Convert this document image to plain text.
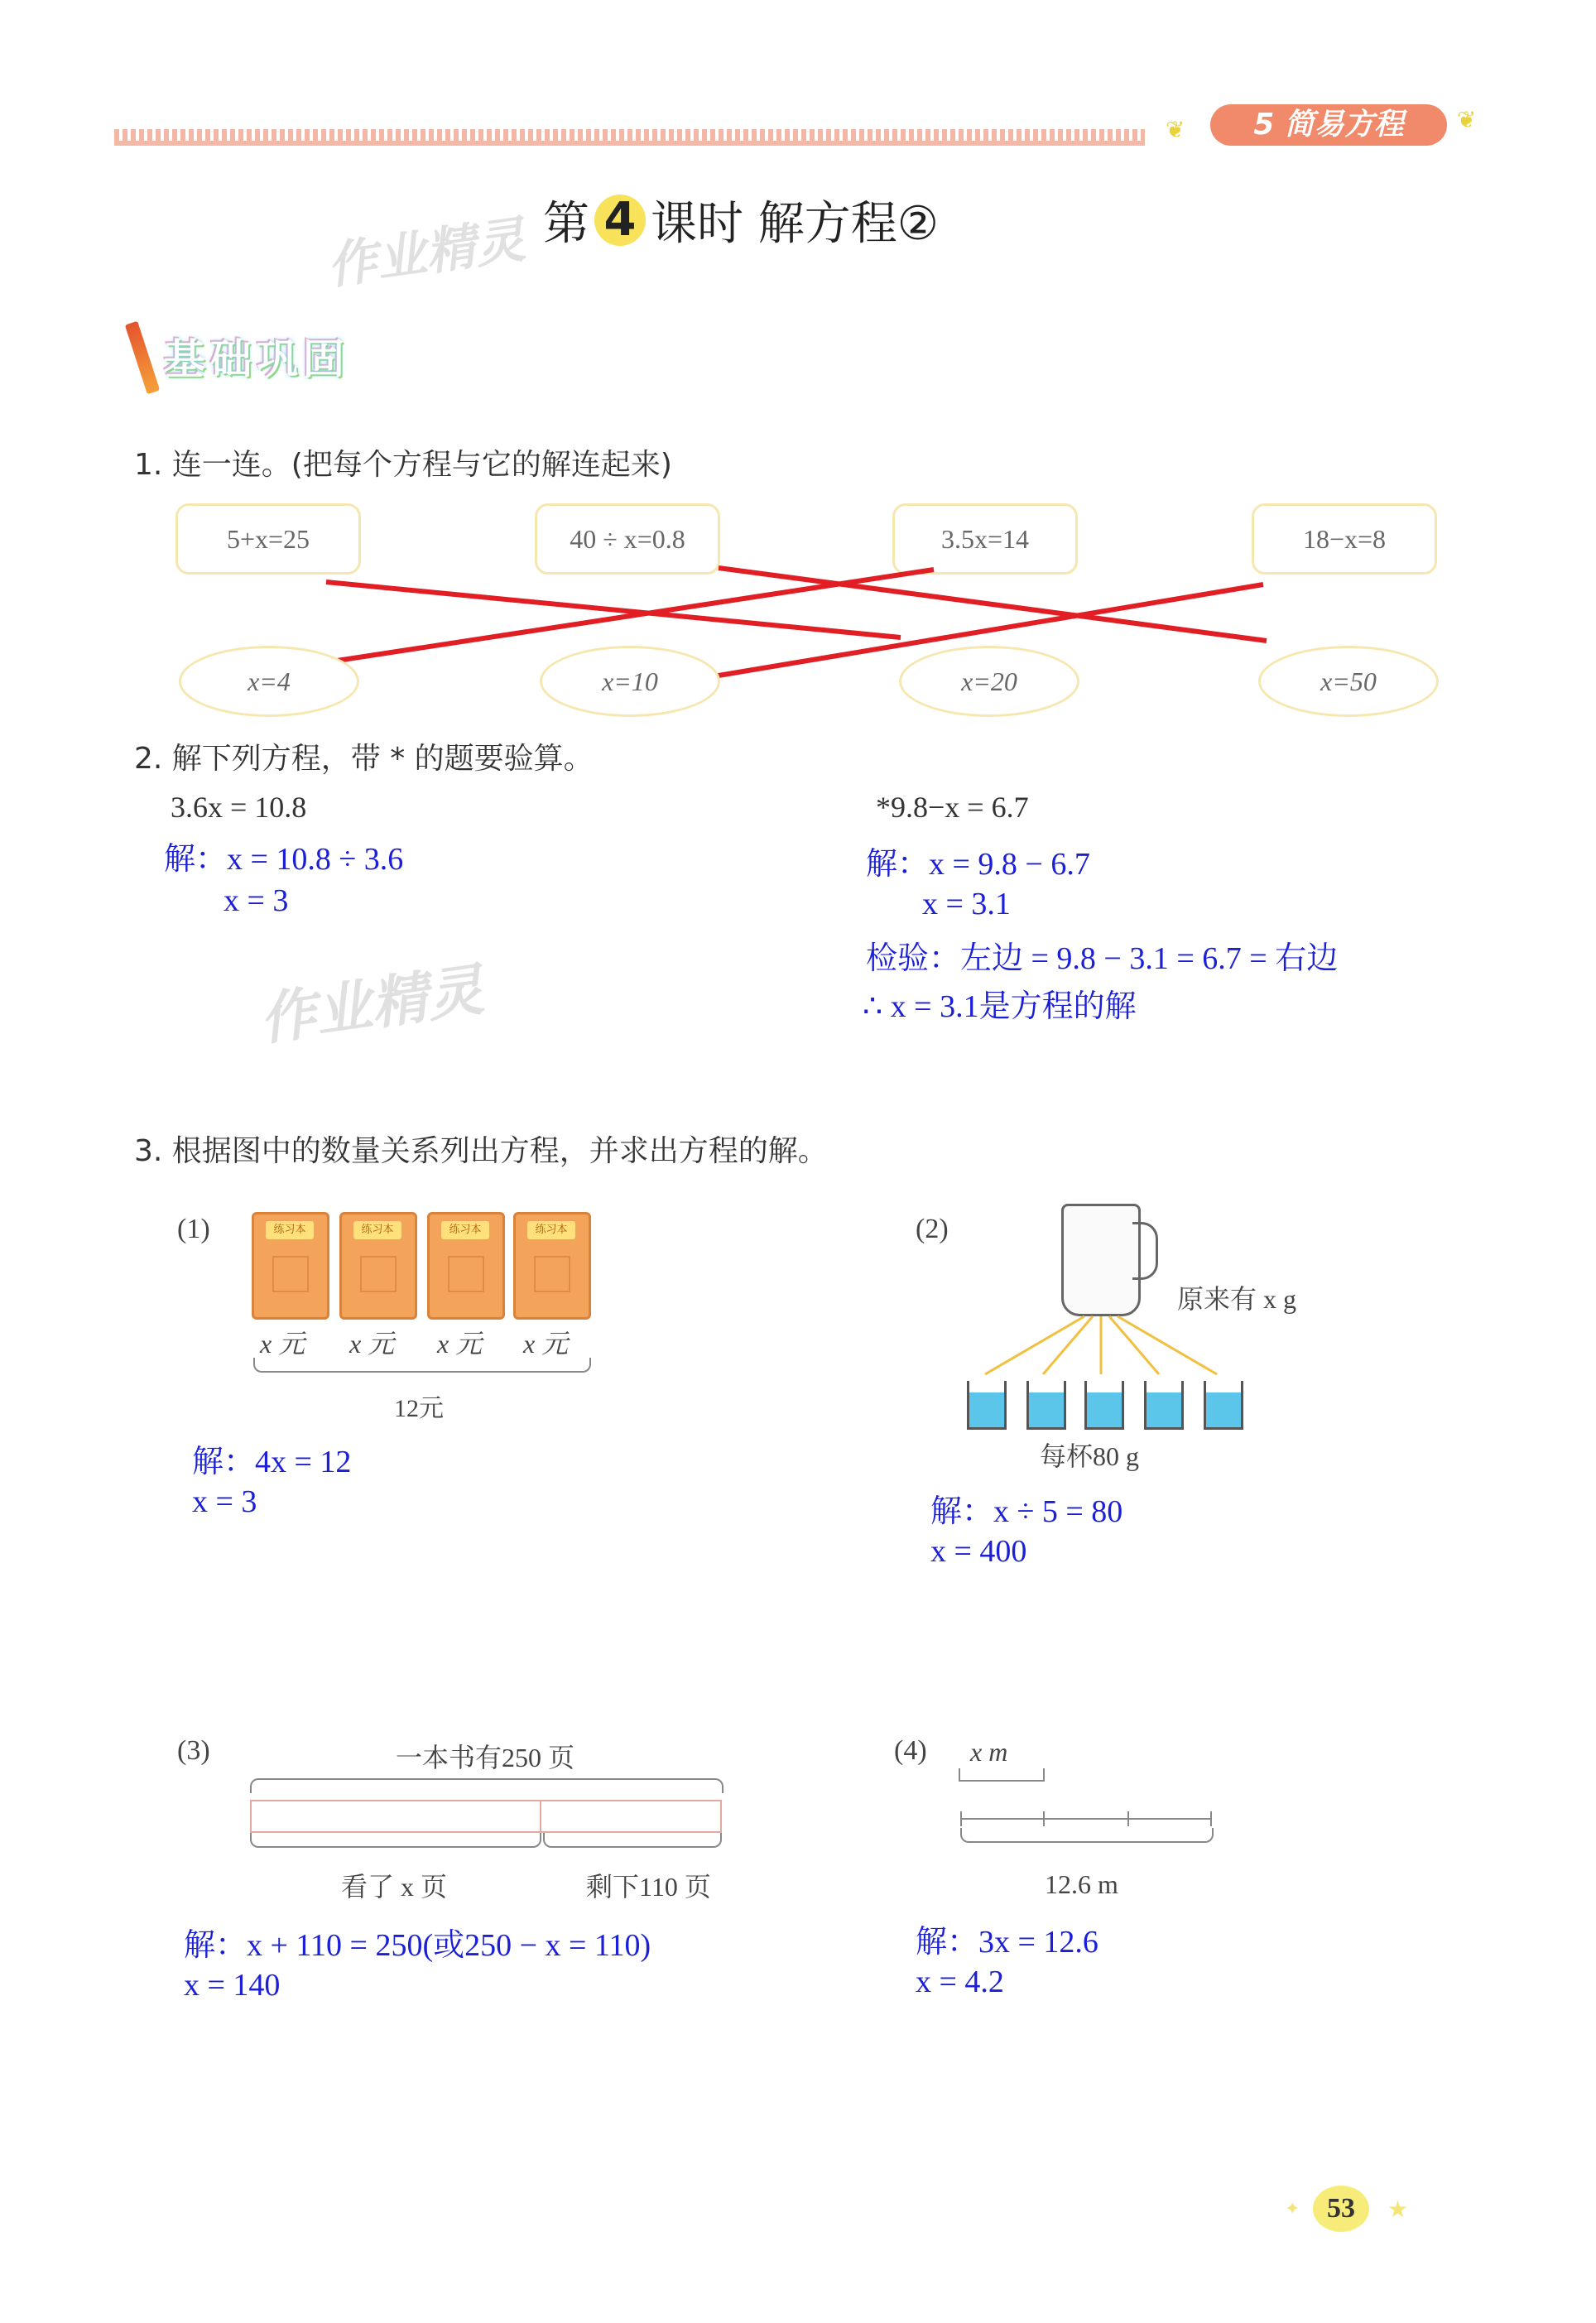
❦	5 简易方程	❦
第 4 课时 解方程②
作业精灵
作业精灵
基础巩固
1. 连一连。(把每个方程与它的解连起来)
5+x=25	40 ÷ x=0.8	3.5x=14	18−x=8
x=4	x=10	x=20	x=50
2. 解下列方程，带 * 的题要验算。
3.6x = 10.8
解：x = 10.8 ÷ 3.6
x = 3
*9.8−x = 6.7
解：x = 9.8 − 6.7
x = 3.1
检验：左边 = 9.8 − 3.1 = 6.7 = 右边
∴ x = 3.1是方程的解
3. 根据图中的数量关系列出方程，并求出方程的解。
(1)	练习本	练习本	练习本	练习本
x 元 x 元 x 元 x 元
12元
解：4x = 12
x = 3
(2)
原来有 x g
每杯80 g
解：x ÷ 5 = 80
x = 400
(3)	一本书有250 页
看了 x 页	剩下110 页
解：x + 110 = 250(或250 − x = 110)
x = 140
(4) x m
12.6 m
解：3x = 12.6
x = 4.2
✦ 53	★
